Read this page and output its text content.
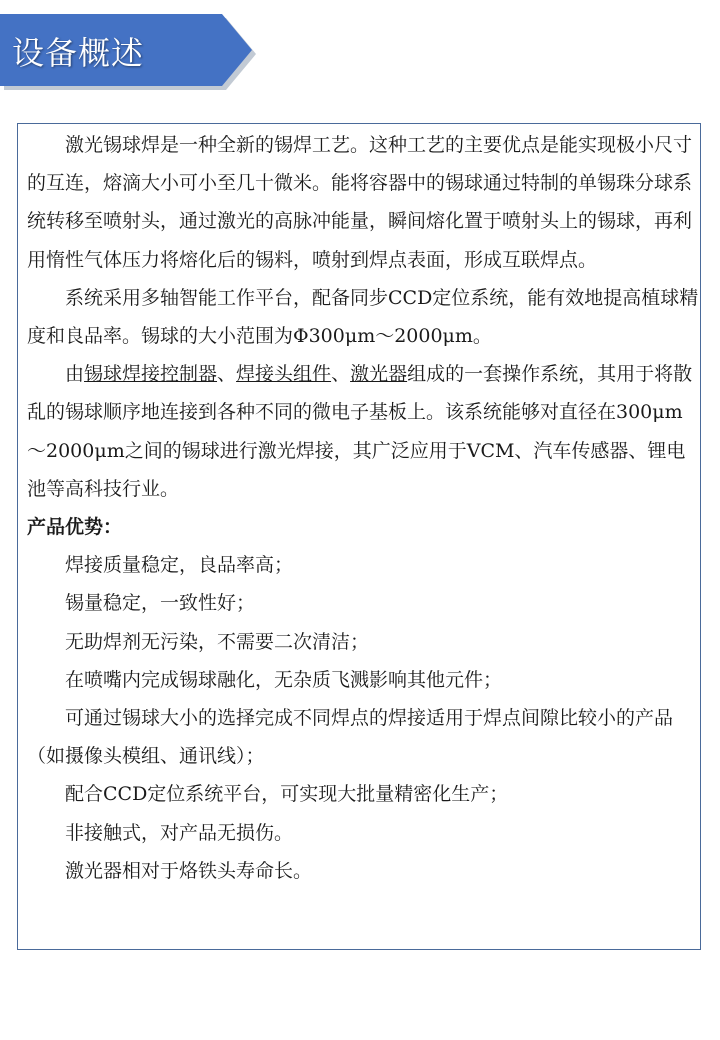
设备概述

激光锡球焊是一种全新的锡焊工艺。这种工艺的主要优点是能实现极小尺寸的互连，熔滴大小可小至几十微米。能将容器中的锡球通过特制的单锡珠分球系统转移至喷射头，通过激光的高脉冲能量，瞬间熔化置于喷射头上的锡球，再利用惰性气体压力将熔化后的锡料，喷射到焊点表面，形成互联焊点。

系统采用多轴智能工作平台，配备同步CCD定位系统，能有效地提高植球精度和良品率。锡球的大小范围为Φ300μm～2000μm。

由锡球焊接控制器、焊接头组件、激光器组成的一套操作系统，其用于将散乱的锡球顺序地连接到各种不同的微电子基板上。该系统能够对直径在300μm～2000μm之间的锡球进行激光焊接，其广泛应用于VCM、汽车传感器、锂电池等高科技行业。

产品优势：

焊接质量稳定，良品率高；

锡量稳定，一致性好；

无助焊剂无污染，不需要二次清洁；

在喷嘴内完成锡球融化，无杂质飞溅影响其他元件；

可通过锡球大小的选择完成不同焊点的焊接适用于焊点间隙比较小的产品（如摄像头模组、通讯线）；

配合CCD定位系统平台，可实现大批量精密化生产；

非接触式，对产品无损伤。

激光器相对于烙铁头寿命长。
